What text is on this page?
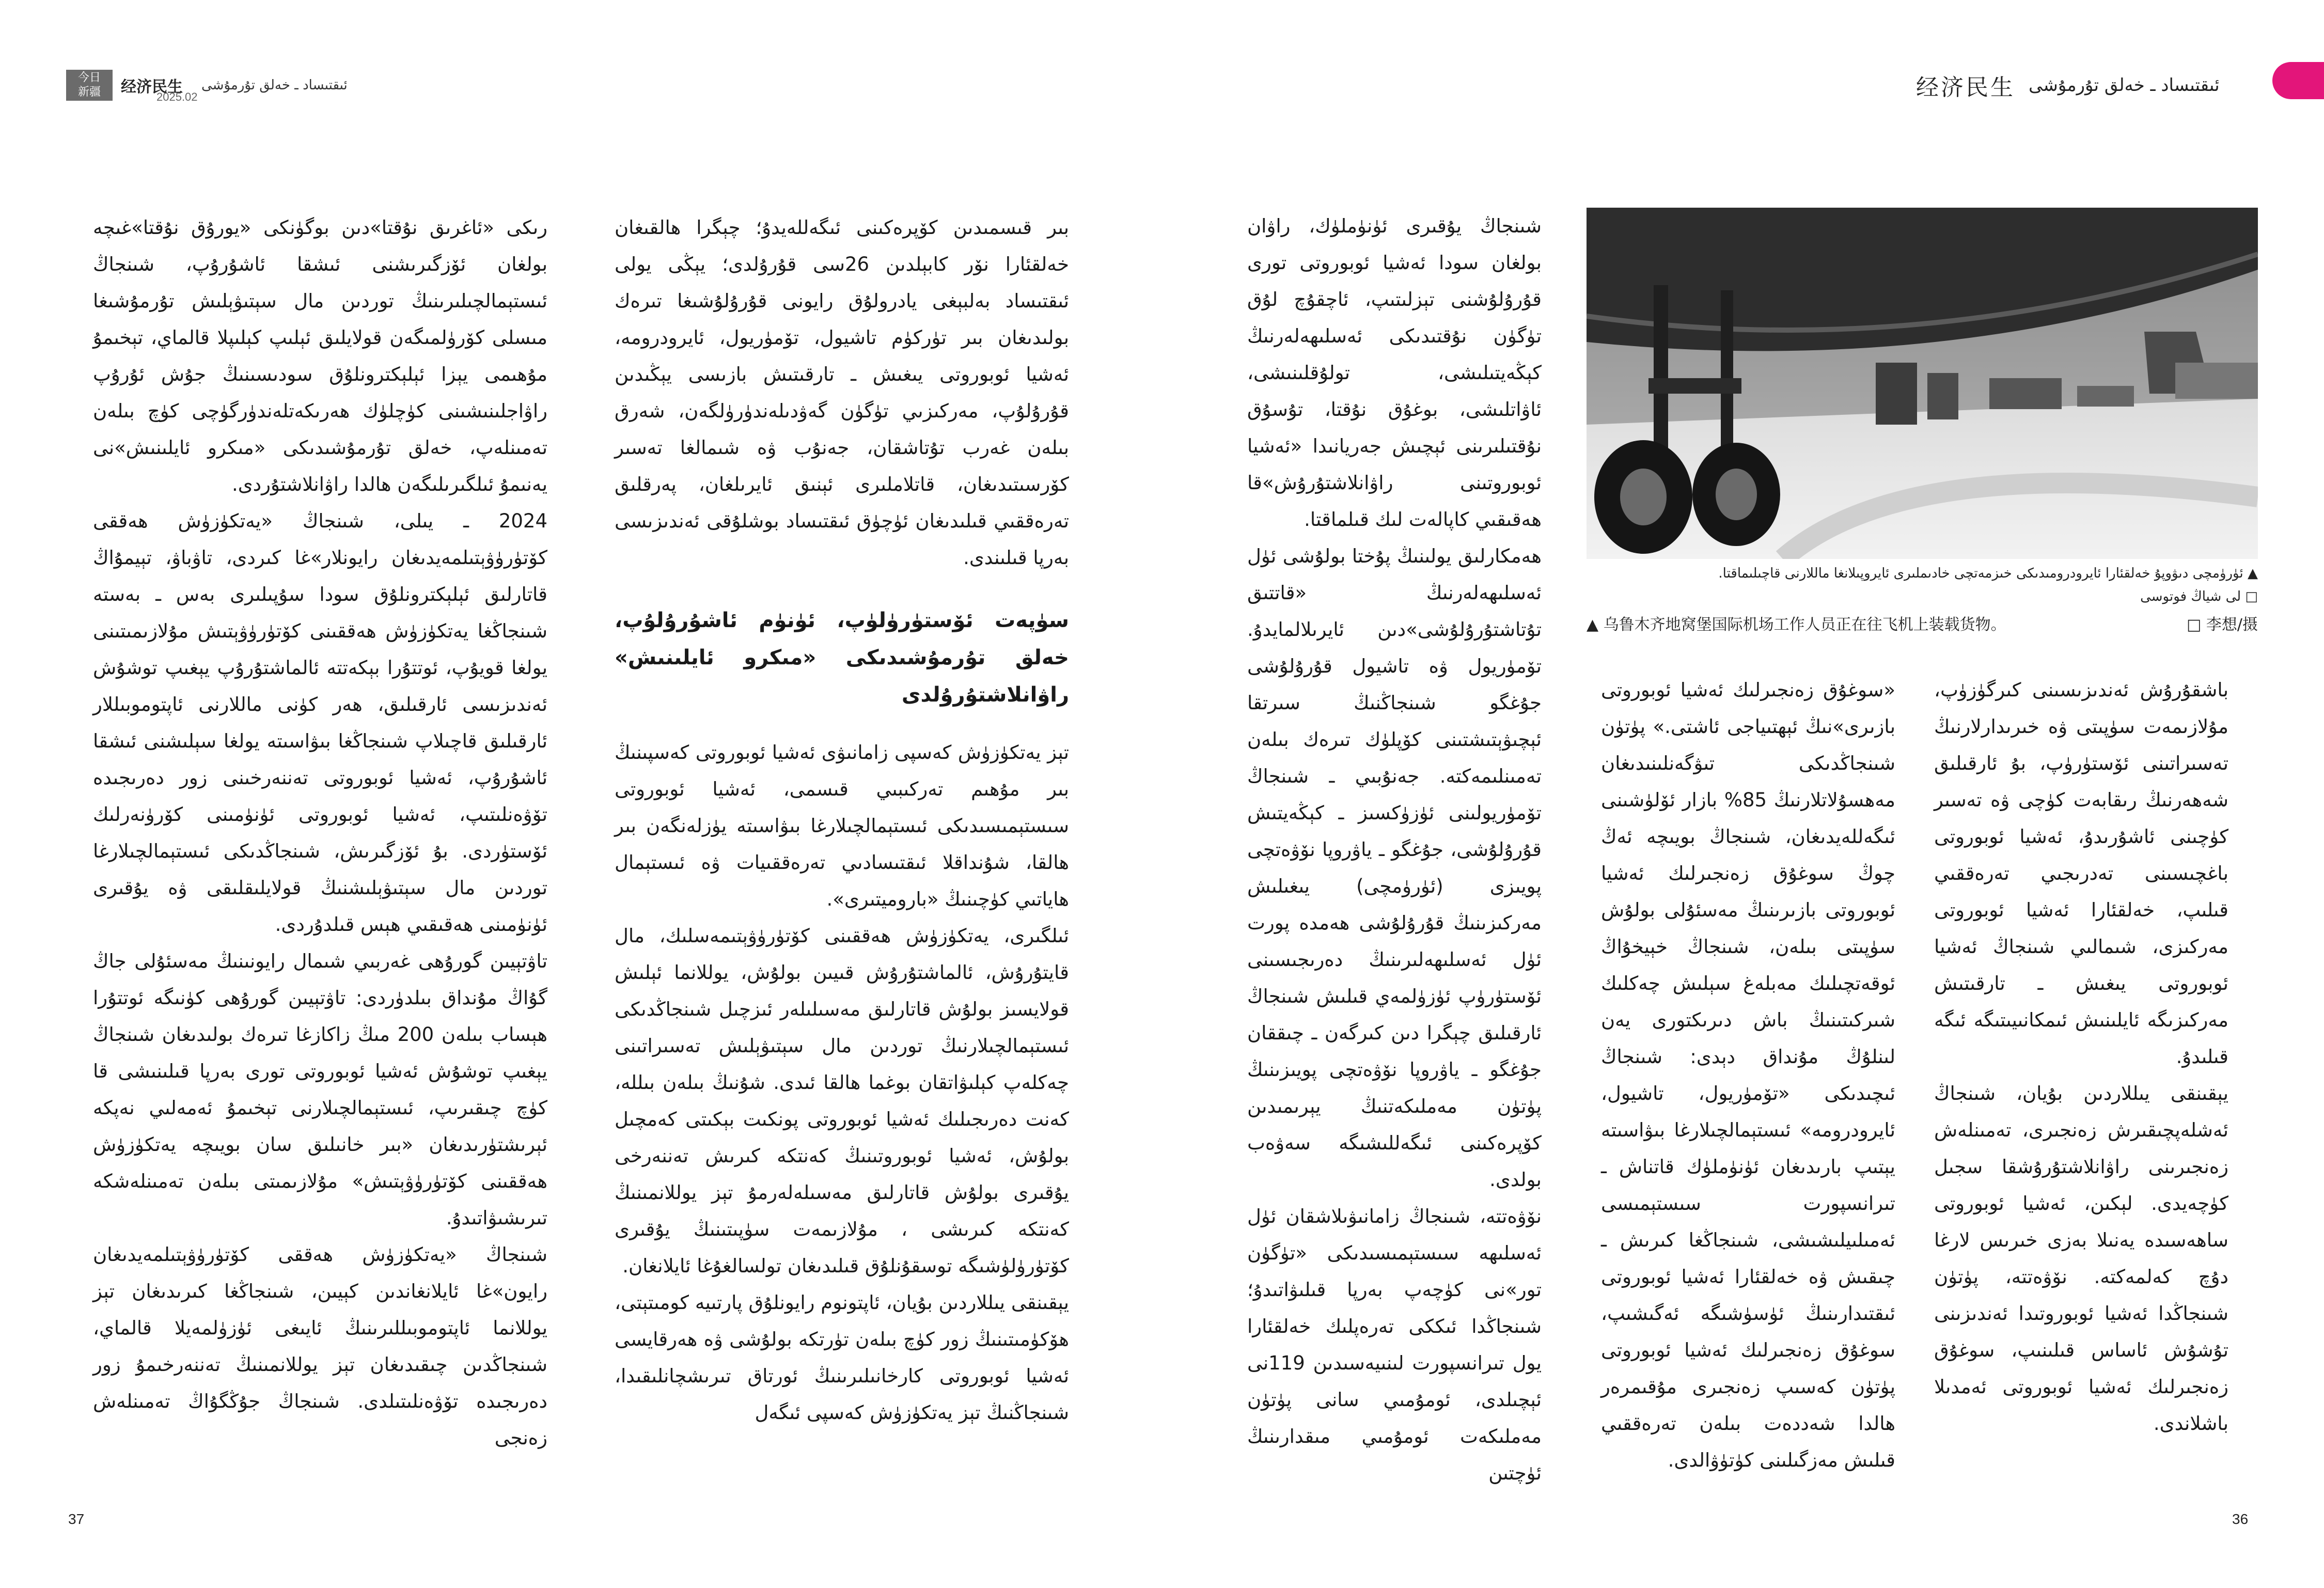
今日
新疆 经济民生 ئىقتىساد ـ خەلق تۇرمۇشى
2025.02

بىر قىسمىدىن كۆپرەكىنى ئىگەللەيدۇ؛ چېگرا ھالقىغان خەلقئارا نۆر كابېلدىن 26سى قۇرۇلدى؛ يېڭى يولى ئىقتىساد بەلبېغى يادرولۇق رايونى قۇرۇلۇشىغا تىرەك بولىدىغان بىر تۈركۈم تاشيول، تۆمۈريول، ئايرودرومە، ئەشيا ئوبوروتى يىغىش ـ تارقىتىش بازىسى يېڭىدىن قۇرۇلۇپ، مەركىزىي تۈگۈن گەۋدىلەندۈرۈلگەن، شەرق بىلەن غەرب تۇتاشقان، جەنۇب ۋە شىمالغا تەسىر كۆرسىتىدىغان، قاتلاملىرى ئېنىق ئايرىلغان، پەرقلىق تەرەققىي قىلىدىغان ئۈچۈق ئىقتىساد بوشلۇقى ئەندىزىسى بەرپا قىلىندى.

سۈپەت ئۆستۈرۈلۈپ، ئۈنۈم ئاشۇرۇلۇپ، خەلق تۇرمۇشىدىكى «مىكرو ئايلىنىش» راۋانلاشتۇرۇلدى

تېز يەتكۈزۈش كەسپى زامانىۋى ئەشيا ئوبوروتى كەسپىنىڭ بىر مۇھىم تەركىبىي قىسمى، ئەشيا ئوبوروتى سىستېمىسىدىكى ئىستېمالچىلارغا بىۋاسىتە يۈزلەنگەن بىر ھالقا، شۇنداقلا ئىقتىسادىي تەرەققىيات ۋە ئىستېمال ھاياتىي كۈچىنىڭ «باروميتىرى».

ئىلگىرى، يەتكۈزۈش ھەققىنى كۆتۈرۈۋېتىمەسلىك، مال قايتۇرۇش، ئالماشتۇرۇش قىيىن بولۇش، يوللانما ئېلىش قولايسىز بولۇش قاتارلىق مەسىلىلەر ئىزچىل شىنجاڭدىكى ئىستېمالچىلارنىڭ توردىن مال سېتىۋېلىش تەسىراتىنى چەكلەپ كېلىۋاتقان بوغما ھالقا ئىدى. شۇنىڭ بىلەن بىللە، كەنت دەرىجىلىك ئەشيا ئوبوروتى پونكىت بېكىتى كەمچىل بولۇش، ئەشيا ئوبوروتىنىڭ كەنتكە كىرىش تەننەرخى يۇقىرى بولۇش قاتارلىق مەسىلەلەرمۇ تېز يوللانمىنىڭ كەنتكە كىرىشى ، مۇلازىمەت سۈپىتىنىڭ يۇقىرى كۆتۈرۈلۈشىگە توسقۇنلۇق قىلىدىغان تولسالغۇغا ئايلانغان.

يېقىنقى يىللاردىن بۇيان، ئاپتونوم رايونلۇق پارتىيە كومىتېتى، ھۆكۈمىتىنىڭ زور كۈچ بىلەن تۈرتكە بولۇشى ۋە ھەرقايسى ئەشيا ئوبوروتى كارخانىلىرىنىڭ ئورتاق تىرىشچانلىقىدا، شىنجاڭنىڭ تېز يەتكۈزۈش كەسپى ئىگەل

رىكى «ئاغرىق نۇقتا»دىن بوگۈنكى «يورۇق نۇقتا»غىچە بولغان ئۆزگىرىشنى ئىشقا ئاشۇرۇپ، شىنجاڭ ئىستېمالچىلىرىنىڭ توردىن مال سېتىۋېلىش تۇرمۇشىغا مىسلى كۆرۈلمىگەن قولايلىق ئېلىپ كېلىپلا قالماي، تېخىمۇ مۇھىمى يېزا ئېلېكترونلۇق سودىسىنىڭ جۇش ئۇرۇپ راۋاجلىنىشىنى كۈچلۈك ھەرىكەتلەندۈرگۈچى كۈچ بىلەن تەمىنلەپ، خەلق تۇرمۇشىدىكى «مىكرو ئايلىنىش»نى يەنىمۇ ئىلگىرىلىگەن ھالدا راۋانلاشتۇردى.

2024 ـ يىلى، شىنجاڭ «يەتكۈزۈش ھەققى كۆتۈرۈۋېتىلمەيدىغان رايونلار»غا كىردى، تاۋباۋ، تېيمۇاڭ قاتارلىق ئېلېكترونلۇق سودا سۇپىلىرى بەس ـ بەستە شىنجاڭغا يەتكۈزۈش ھەققىنى كۆتۈرۈۋېتىش مۇلازىمىتىنى يولغا قويۇپ، ئوتتۇرا بېكەتتە ئالماشتۇرۇپ يېغىپ توشۇش ئەندىزىسى ئارقىلىق، ھەر كۈنى ماللارنى ئاپتوموبىللار ئارقىلىق قاچىلاپ شىنجاڭغا بىۋاسىتە يولغا سېلىشنى ئىشقا ئاشۇرۇپ، ئەشيا ئوبوروتى تەننەرخىنى زور دەرىجىدە تۆۋەنلىتىپ، ئەشيا ئوبوروتى ئۈنۈمىنى كۆرۈنەرلىك ئۆستۈردى. بۇ ئۆزگىرىش، شىنجاڭدىكى ئىستېمالچىلارغا توردىن مال سېتىۋېلىشنىڭ قولايلىقلىقى ۋە يۇقىرى ئۈنۈمىنى ھەقىقىي ھېس قىلدۇردى.

تاۋتېيىن گورۇھى غەربىي شىمال رايونىنىڭ مەسئۇلى جاڭ گۇاڭ مۇنداق بىلدۈردى: تاۋتېيىن گورۇھى كۈنىگە ئوتتۇرا ھېساب بىلەن 200 مىڭ زاكازغا تىرەك بولىدىغان شىنجاڭ يېغىپ توشۇش ئەشيا ئوبوروتى تورى بەرپا قىلىنىشى قا كۈچ چىقىرىپ، ئىستېمالچىلارنى تېخىمۇ ئەمەلىي نەپكە ئېرىشتۈرىدىغان «بىر خانىلىق سان بويىچە يەتكۈزۈش ھەققىنى كۆتۈرۈۋېتىش» مۇلازىمىتى بىلەن تەمىنلەشكە تىرىشىۋاتىدۇ.

شىنجاڭ «يەتكۈزۈش ھەققى كۆتۈرۈۋېتىلمەيدىغان رايون»غا ئايلانغاندىن كېيىن، شىنجاڭغا كىرىدىغان تېز يوللانما ئاپتوموبىللىرىنىڭ ئايىغى ئۈزۈلمەيلا قالماي، شىنجاڭدىن چىقىدىغان تېز يوللانمىنىڭ تەننەرخىمۇ زور دەرىجىدە تۆۋەنلىتىلدى. شىنجاڭ جۇڭگۇاڭ تەمىنلەش زەنجى

37
经济民生 ئىقتىساد ـ خەلق تۇرمۇشى
▲ ئۈرۈمچى دىۋوپۇ خەلقئارا ئايرودرومىدىكى خىزمەتچى خادىملىرى ئايروپىلانغا ماللارنى قاچىلىماقتا.
□ لى شياڭ فوتوسى
▲ 乌鲁木齐地窝堡国际机场工作人员正在往飞机上装载货物。	□ 李想/摄

شىنجاڭ يۇقىرى ئۈنۈملۈك، راۋان بولغان سودا ئەشيا ئوبوروتى تورى قۇرۇلۇشنى تېزلىتىپ، ئاچقۇچ لۇق تۈگۈن نۇقتىدىكى ئەسلىھەلەرنىڭ كېڭەيتىلىشى، تولۇقلىنىشى، ئاۋاتلىشى، بوغۇق نۇقتا، تۇسۇق نۇقتىلىرىنى ئېچىش جەريانىدا «ئەشيا ئوبوروتىنى راۋانلاشتۇرۇش»قا ھەقىقىي كاپالەت لىك قىلماقتا.

ھەمكارلىق يولىنىڭ پۇختا بولۇشى ئۈل ئەسلىھەلەرنىڭ «قاتتىق تۇتاشتۇرۇلۇشى»دىن ئايرىلالمايدۇ. تۆمۈريول ۋە تاشيول قۇرۇلۇشى جۇغگو شىنجاڭنىڭ سىرتقا ئېچىۋېتىشتىنى كۆپلۈك تىرەك بىلەن تەمىنلىمەكتە. جەنۇبىي ـ شىنجاڭ تۆمۈريولىنى ئۈزۈكسىز ـ كېڭەيتىش قۇرۇلۇشى، جۇغگو ـ ياۋروپا نۆۋەتچى پويىزى (ئۈرۈمچى) يىغىلىش مەركىزىنىڭ قۇرۇلۇشى ھەمدە پورت ئۈل ئەسلىھەلىرىنىڭ دەرىجىسىنى ئۆستۈرۈپ ئۈزۈلمەي قىلىش شىنجاڭ ئارقىلىق چېگرا دىن كىرگەن ـ چىققان جۇغگو ـ ياۋروپا نۆۋەتچى پويىزىنىڭ پۈتۈن مەملىكەتنىڭ يېرىمىدىن كۆپرەكىنى ئىگەللىشىگە سەۋەب بولدى.

نۆۋەتتە، شىنجاڭ زامانىۋىلاشقان ئۈل ئەسلىھە سىستېمىسىدىكى «تۈگۈن تور»نى كۈچەپ بەرپا قىلىۋاتىدۇ؛ شىنجاڭدا ئىككى تەرەپلىك خەلقئارا يول تىرانسپورت لىنىيەسىدىن 119نى ئېچىلدى، ئومۇمىي سانى پۈتۈن مەملىكەت ئومۇمىي مىقدارىنىڭ ئۈچتىن

«سوغۇق زەنجىرلىك ئەشيا ئوبوروتى بازىرى»نىڭ ئېھتىياجى ئاشتى.» پۈتۈن شىنجاڭدىكى تىۋگەنلىنىدىغان مەھسۇلاتلارنىڭ 85% بازار ئۆلۈشىنى ئىگەللەيدىغان، شىنجاڭ بويىچە ئەڭ چوڭ سوغۇق زەنجىرلىك ئەشيا ئوبوروتى بازىرىنىڭ مەسئۇلى بولۇش سۈپىتى بىلەن، شىنجاڭ خېيخۇاڭ ئوقەتچىلىك مەبلەغ سېلىش چەكلىك شىركىتىنىڭ باش دىرىكتورى يەن لىنلۇڭ مۇنداق دېدى: شىنجاڭ ئىچىدىكى «تۆمۈريول، تاشيول، ئايرودرومە» ئىستېمالچىلارغا بىۋاسىتە يېتىپ بارىدىغان ئۈنۈملۈك قاتناش ـ تىرانسپورت سىستېمىسى ئەمىلىيلىشىشى، شىنجاڭغا كىرىش ـ چىقىش ۋە خەلقئارا ئەشيا ئوبوروتى ئىقتىدارىنىڭ ئۈسۈشىگە ئەگىشىپ، سوغۇق زەنجىرلىك ئەشيا ئوبوروتى پۈتۈن كەسىپ زەنجىرى مۇقىمرەر ھالدا شەددەت بىلەن تەرەققىي قىلىش مەزگىلىنى كۈتۈۋالدى.

باشقۇرۇش ئەندىزىسىنى كىرگۈزۈپ، مۇلازىمەت سۈپىتى ۋە خىرىدارلارنىڭ تەسىراتىنى ئۆستۈرۈپ، بۇ ئارقىلىق شەھەرنىڭ رىقابەت كۈچى ۋە تەسىر كۈچىنى ئاشۇرىدۇ، ئەشيا ئوبوروتى باغچىسىنى تەدرىجىي تەرەققىي قىلىپ، خەلقئارا ئەشيا ئوبوروتى مەركىزى، شىمالىي شىنجاڭ ئەشيا ئوبوروتى يىغىش ـ تارقىتىش مەركىزىگە ئايلىنىش ئىمكانىيىتىگە ئىگە قىلىدۇ.

يېقىنقى يىللاردىن بۇيان، شىنجاڭ ئەشلەپچىقىرش زەنجىرى، تەمىنلەش زەنجىرىنى راۋانلاشتۇرۇشقا سجىل كۈچەيدى. لېكىن، ئەشيا ئوبوروتى ساھەسىدە يەنىلا بەزى خىرىس لارغا دۇچ كەلمەكتە. نۆۋەتتە، پۈتۈن شىنجاڭدا ئەشيا ئوبوروتىدا ئەندىزىنى تۇشۇش ئاساس قىلىنىپ، سوغۇق زەنجىرلىك ئەشيا ئوبوروتى ئەمدىلا باشلاندى.

36
